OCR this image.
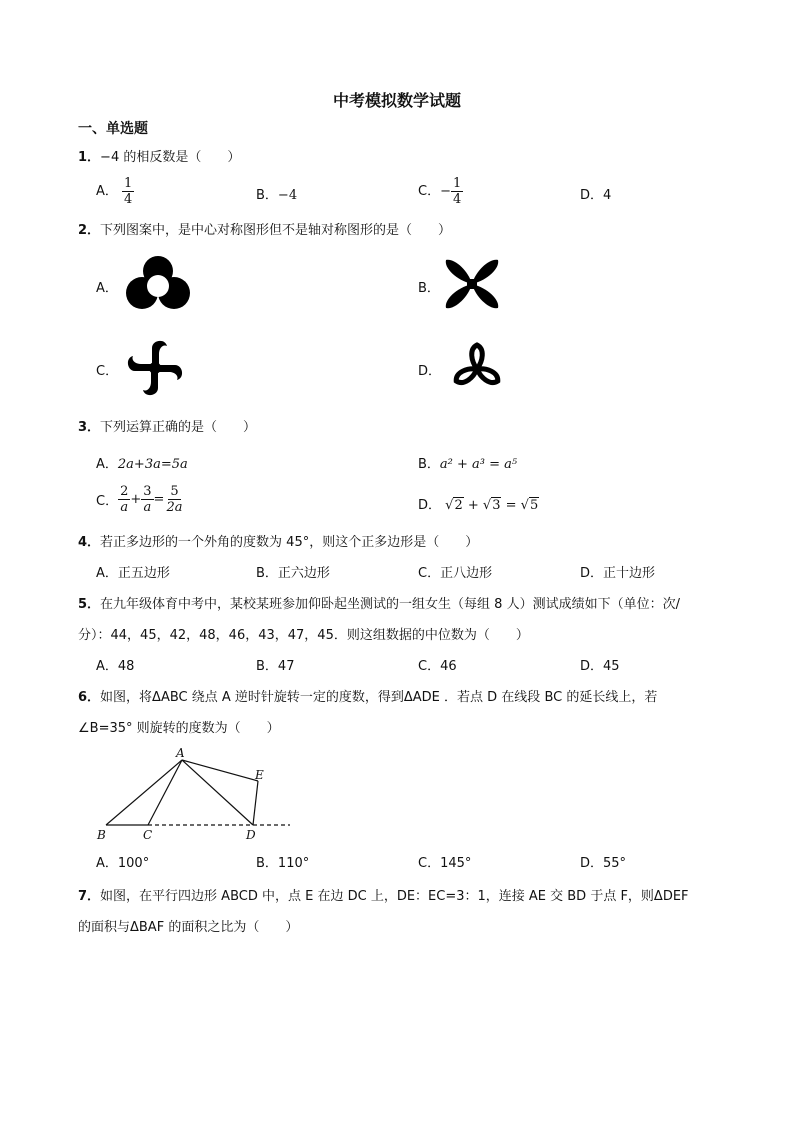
中考模拟数学试题
一、单选题
1．−4 的相反数是（　　）
A． $\frac{1}{4}$	B．−4	C．− $\frac{1}{4}$	D．4
2．下列图案中，是中心对称图形但不是轴对称图形的是（　　）
A．	B．
C．	D．
3．下列运算正确的是（　　）
A．2a+3a=5a	B．a² + a³ = a⁵
C． $\frac{2}{a} + \frac{3}{a} = \frac{5}{2a}$	D． √2 + √3 = √5
4．若正多边形的一个外角的度数为 45°，则这个正多边形是（　　）
A．正五边形	B．正六边形	C．正八边形	D．正十边形
5．在九年级体育中考中，某校某班参加仰卧起坐测试的一组女生（每组 8 人）测试成绩如下（单位：次/
分）：44，45，42，48，46，43，47，45．则这组数据的中位数为（　　）
A．48	B．47	C．46	D．45
6．如图，将ΔABC 绕点 A 逆时针旋转一定的度数，得到ΔADE ．若点 D 在线段 BC 的延长线上，若
∠B=35° 则旋转的度数为（　　）
A
B	C	D
E
A．100°	B．110°	C．145°	D．55°
7．如图，在平行四边形 ABCD 中，点 E 在边 DC 上，DE：EC=3：1，连接 AE 交 BD 于点 F，则ΔDEF
的面积与ΔBAF 的面积之比为（　　）
